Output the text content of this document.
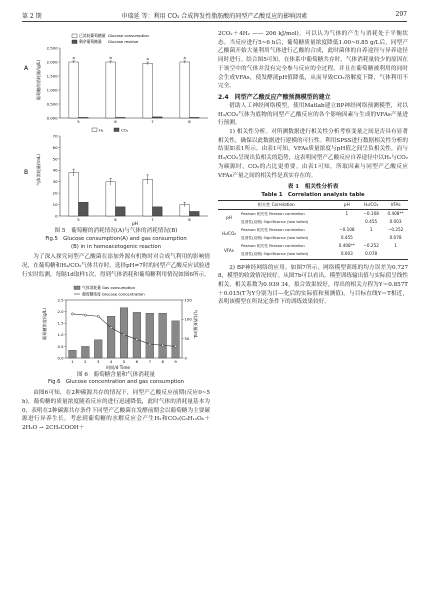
第 2 期	申瑞延 等：利用 CO₂ 合成挥发性脂肪酸的同型产乙酸反应的影响因素	297
A 葡萄糖的消耗量/(g/L)
0.000
0.500
1.000
1.500
2.000
2.500
5	6	7	8
a	b	a	a
已消耗葡萄糖量 Glucose consumption
剩余葡萄糖量 Glucose residue
B 气体消耗量/(mL)
0
10
20
30
40
50
60
70
5	6	7	8
H₂	CO₂
pH

图 5　葡萄糖的消耗情况(A)与气体的消耗情况(B)

Fig.5　Glucose consumption(A) and gas consumption

(B) in in homoacetogenic reaction

为了深入探究同型产乙酸菌在添加外源有机物时对合成气利用的影响情况，在葡萄糖和H₂/CO₂气体共存时，选择pH=7时的同型产乙酸反应试验进行实时监测，每隔1d取样1次，得到气体消耗和葡萄糖利用情况如图6所示。

葡萄糖浓度/(g/L)	气体消耗量/mL
0.0
0.5
1.0
1.5
2.0
2.5
0
50
100
150
1	2	3	4	5	6	7	8	9
气体消耗量 Gas consumption
葡萄糖浓度 Glucose concentration
时间/d Time

图 6　葡萄糖含量和气体消耗量

Fig.6　Glucose concentration and gas consumption

由图6可知，在2种碳源共存的情况下，同型产乙酸反应前期(反应0~5 h)，葡萄糖的质量浓度随着反应的进行迅速降低，此时气体的消耗量基本为0，表明在2种碳源共存条件下同型产乙酸菌在发酵前期会以葡萄糖为主要碳源进行异养生长。考虑到葡萄糖的水解反应会产生H₂和CO₂(C₆H₁₂O₆＋2H₂O → 2CH₃COOH＋

2CO₂＋4H₂ —— 206 kJ/mol)，可以认为气体的产生与消耗处于平衡状态。当反应进行5~6 h后，葡萄糖质量浓度降低1.00~0.85 g/L后，同型产乙酸菌开始大量利用气体进行乙酸的合成，此时菌体的自养途径与异养途径同时进行。结合图5可知，在体系中葡萄糖共存时，气体消耗量较少的原因在于该空中的气体并没有完全参与反应的全过程，并且在葡萄糖被利用的同时会生成VFAs，使发酵液pH值降低，从而导致CO₂溶解度下降，气体利用不完全。

2.4　同型产乙酸反应产酸预测模型的建立

借助人工神经网络模型，使用Matlab建立BP神经网络预测模型，对以H₂/CO₂气体为底物的同型产乙酸反应的各个影响因素与生成的VFAs产量进行预测。

1) 相关性分析。对所测数据进行相关性分析考察变量之间是否具有显著相关性，确保以此数据进行建模的可行性。利用SPSS进行数据相关性分析的结果如表1所示。由表1可知，VFAs质量浓度与pH值之间呈负相关性，而与H₂/CO₂呈现出负相关的趋势，这表明同型产乙酸反应自养途径中以H₂与CO₂为碳源时，CO₂的占比更重要。由表1可知，所取因素与同型产乙酸反应VFAs产量之间的相关性是真实存在的。

表 1　相关性分析表

Table 1　Correlation analysis table

相关性 Correlation		pH	H₂/CO₂	VFAs
pH	Pearson 相关性 Pearson correlation	1	−0.108	0.408**
	显著性(双侧) Significance (two tailed)		0.455	0.003
H₂/CO₂	Pearson 相关性 Pearson correlation	−0.108	1	−0.252
	显著性(双侧) Significance (two tailed)	0.455		0.078
VFAs	Pearson 相关性 Pearson correlation	0.408**	−0.252	1
	显著性(双侧) Significance (two tailed)	0.003	0.078	

2) BP神经网络的应用。如图7所示，网络模型训练的均方误差为0.727 8，模型的收敛情况较好。从图7b可以看出，模型训练输出值与实际值呈线性相关，相关系数为0.939 34，拟合效果较好，得出的相关方程为Y＝0.857T＋0.015(T为Y分别为目—化后的实际值和预测值)，与目标直线Y＝T相近，表明该模型在所设定条件下的训练效果较好。
